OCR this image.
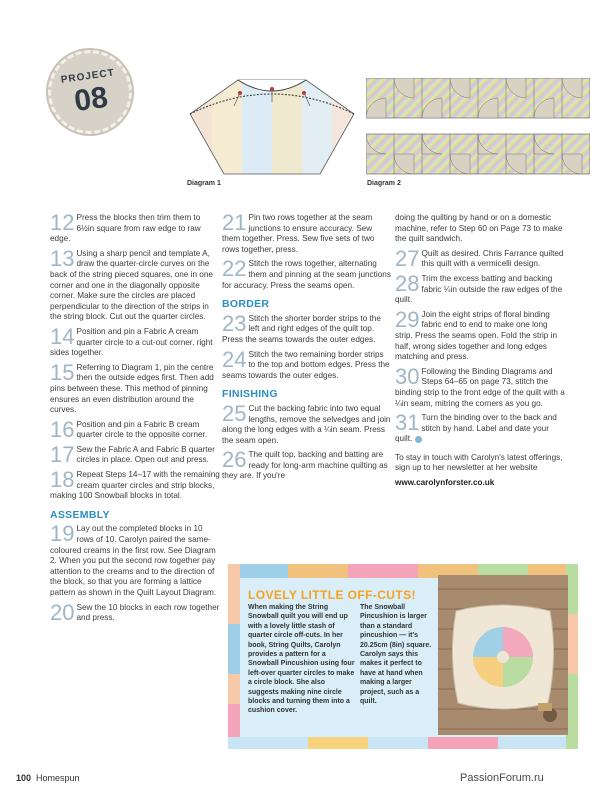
PROJECT
08
Diagram 1	Diagram 2
12 Press the blocks then trim them to 6½in square from raw edge to raw edge.
13 Using a sharp pencil and template A, draw the quarter-circle curves on the back of the string pieced squares, one in one corner and one in the diagonally opposite corner. Make sure the circles are placed perpendicular to the direction of the strips in the string block. Cut out the quarter circles.
14 Position and pin a Fabric A cream quarter circle to a cut-out corner, right sides together.
15 Referring to Diagram 1, pin the centre then the outside edges first. Then add pins between these. This method of pinning ensures an even distribution around the curves.
16 Position and pin a Fabric B cream quarter circle to the opposite corner.
17 Sew the Fabric A and Fabric B quarter circles in place. Open out and press.
18 Repeat Steps 14–17 with the remaining cream quarter circles and strip blocks, making 100 Snowball blocks in total.
ASSEMBLY
19 Lay out the completed blocks in 10 rows of 10. Carolyn paired the same-coloured creams in the first row. See Diagram 2. When you put the second row together pay attention to the creams and to the direction of the block, so that you are forming a lattice pattern as shown in the Quilt Layout Diagram.
20 Sew the 10 blocks in each row together and press.
21 Pin two rows together at the seam junctions to ensure accuracy. Sew them together. Press. Sew five sets of two rows together, press.
22 Stitch the rows together, alternating them and pinning at the seam junctions for accuracy. Press the seams open.
BORDER
23 Stitch the shorter border strips to the left and right edges of the quilt top. Press the seams towards the outer edges.
24 Stitch the two remaining border strips to the top and bottom edges. Press the seams towards the outer edges.
FINISHING
25 Cut the backing fabric into two equal lengths, remove the selvedges and join along the long edges with a ¼in seam. Press the seam open.
26 The quilt top, backing and batting are ready for long-arm machine quilting as they are. If you're
doing the quilting by hand or on a domestic machine, refer to Step 60 on Page 73 to make the quilt sandwich.
27 Quilt as desired. Chris Farrance quilted this quilt with a vermicelli design.
28 Trim the excess batting and backing fabric ¼in outside the raw edges of the quilt.
29 Join the eight strips of floral binding fabric end to end to make one long strip. Press the seams open. Fold the strip in half, wrong sides together and long edges matching and press.
30 Following the Binding Diagrams and Steps 64–65 on page 73, stitch the binding strip to the front edge of the quilt with a ¼in seam, mitring the corners as you go.
31 Turn the binding over to the back and stitch by hand. Label and date your quilt.
To stay in touch with Carolyn's latest offerings, sign up to her newsletter at her website
www.carolynforster.co.uk
LOVELY LITTLE OFF-CUTS!
When making the String Snowball quilt you will end up with a lovely little stash of quarter circle off-cuts. In her book, String Quilts, Carolyn provides a pattern for a Snowball Pincushion using four left-over quarter circles to make a circle block. She also suggests making nine circle blocks and turning them into a cushion cover.
The Snowball Pincushion is larger than a standard pincushion — it's 20.25cm (8in) square. Carolyn says this makes it perfect to have at hand when making a larger project, such as a quilt.
100 Homespun	PassionForum.ru
